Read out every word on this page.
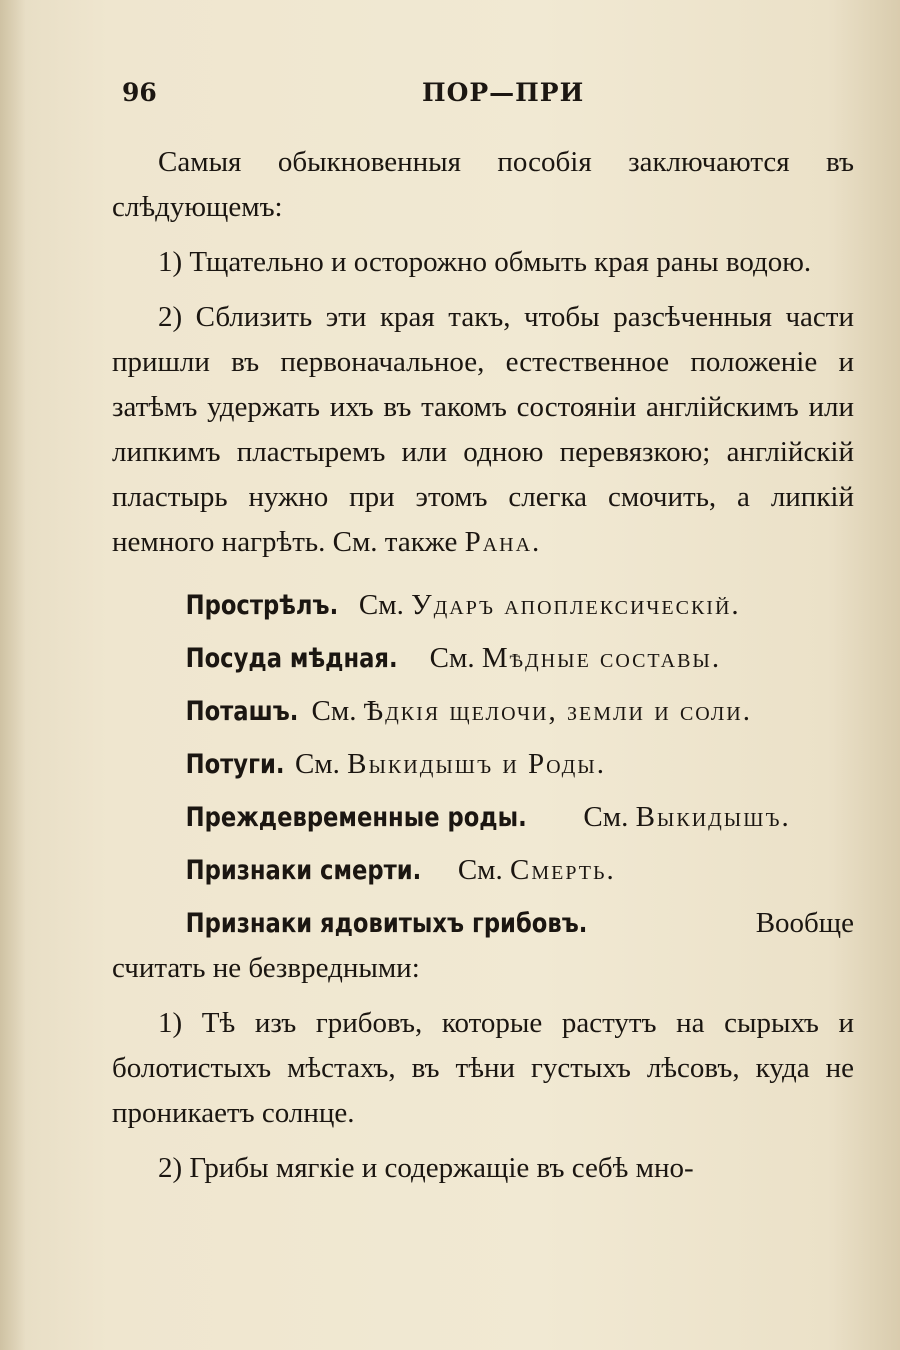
96	ПОР—ПРИ

Самыя обыкновенныя пособія заключаются въ слѣдующемъ:

1) Тщательно и осторожно обмыть края раны водою.

2) Сблизить эти края такъ, чтобы разсѣченныя части пришли въ первоначальное, естественное положеніе и затѣмъ удержать ихъ въ такомъ состояніи англійскимъ или липкимъ пластыремъ или одною перевязкою; англійскій пластырь нужно при этомъ слегка смочить, а липкій немного нагрѣть. См. также Рана.

Прострѣлъ. См. Ударъ апоплексическій.

Посуда мѣдная. См. Мѣдные составы.

Поташъ. См. Ѣдкія щелочи, земли и соли.

Потуги. См. Выкидышъ и Роды.

Преждевременные роды. См. Выкидышъ.

Признаки смерти. См. Смерть.

Признаки ядовитыхъ грибовъ.	Вообще считать не безвредными:

1) Тѣ изъ грибовъ, которые растутъ на сырыхъ и болотистыхъ мѣстахъ, въ тѣни густыхъ лѣсовъ, куда не проникаетъ солнце.

2) Грибы мягкіе и содержащіе въ себѣ мно-
